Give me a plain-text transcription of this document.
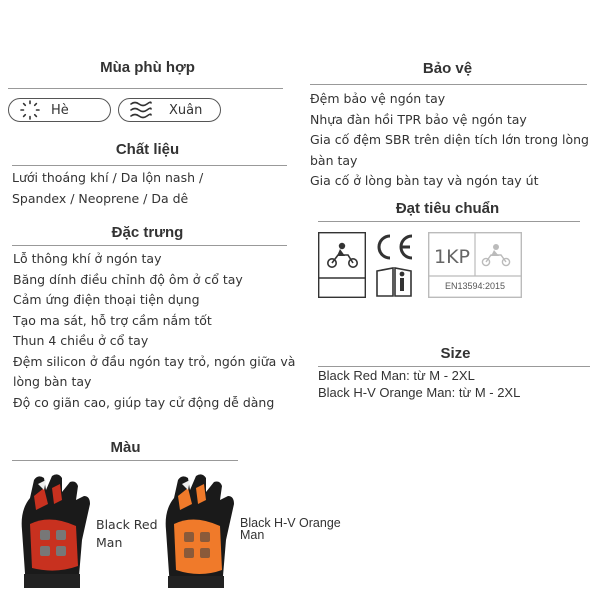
Mùa phù hợp
Hè	Xuân
Bảo vệ
Đệm bảo vệ ngón tay
Nhựa đàn hồi TPR bảo vệ ngón tay
Gia cố đệm SBR trên diện tích lớn trong lòng
bàn tay
Gia cố ở lòng bàn tay và ngón tay út
Chất liệu
Lưới thoáng khí / Da lộn nash /
Spandex / Neoprene / Da dê
Đạt tiêu chuẩn
1KP
EN13594:2015
Đặc trưng
Lỗ thông khí ở ngón tay
Băng dính điều chỉnh độ ôm ở cổ tay
Cảm ứng điện thoại tiện dụng
Tạo ma sát, hỗ trợ cầm nắm tốt
Thun 4 chiều ở cổ tay
Đệm silicon ở đầu ngón tay trỏ, ngón giữa và
lòng bàn tay
Độ co giãn cao, giúp tay cử động dễ dàng
Size
Black Red Man: từ M - 2XL
Black H-V Orange Man: từ M - 2XL
Màu
Black Red
Man
Black H-V Orange
Man
